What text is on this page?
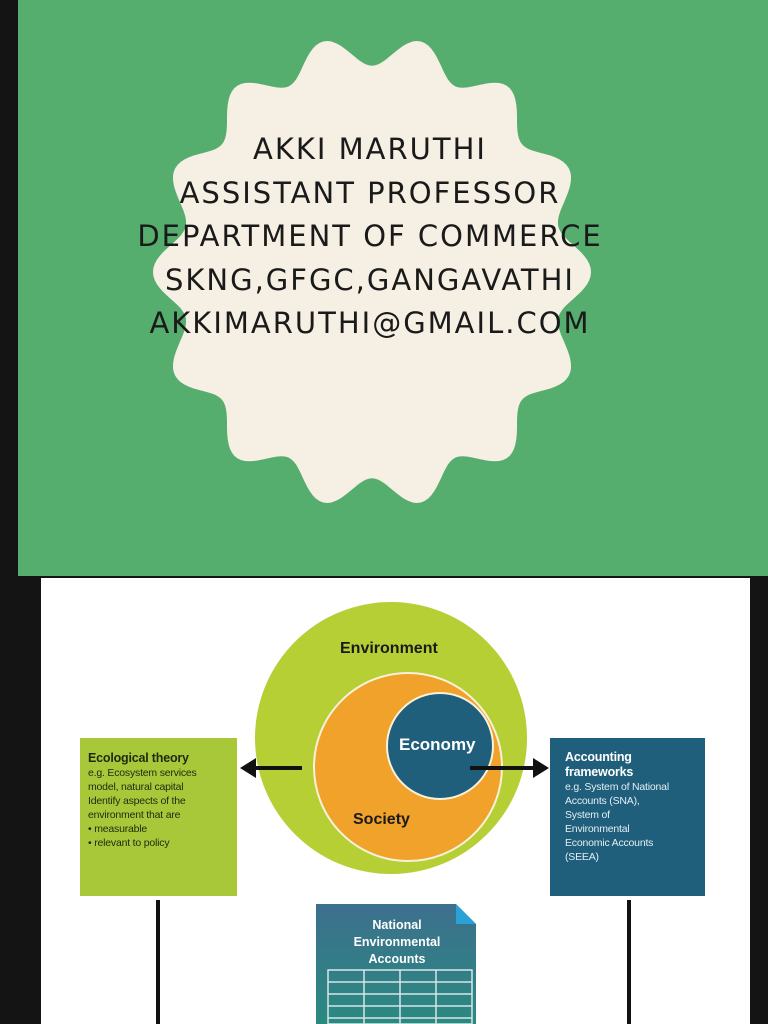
AKKI MARUTHI
ASSISTANT PROFESSOR
DEPARTMENT OF COMMERCE
SKNG,GFGC,GANGAVATHI
AKKIMARUTHI@GMAIL.COM
Environment
Economy
Society
Ecological theory
e.g. Ecosystem services
model, natural capital
Identify aspects of the
environment that are
• measurable
• relevant to policy
Accounting
frameworks
e.g. System of National
Accounts (SNA),
System of
Environmental
Economic Accounts
(SEEA)
National
Environmental
Accounts
